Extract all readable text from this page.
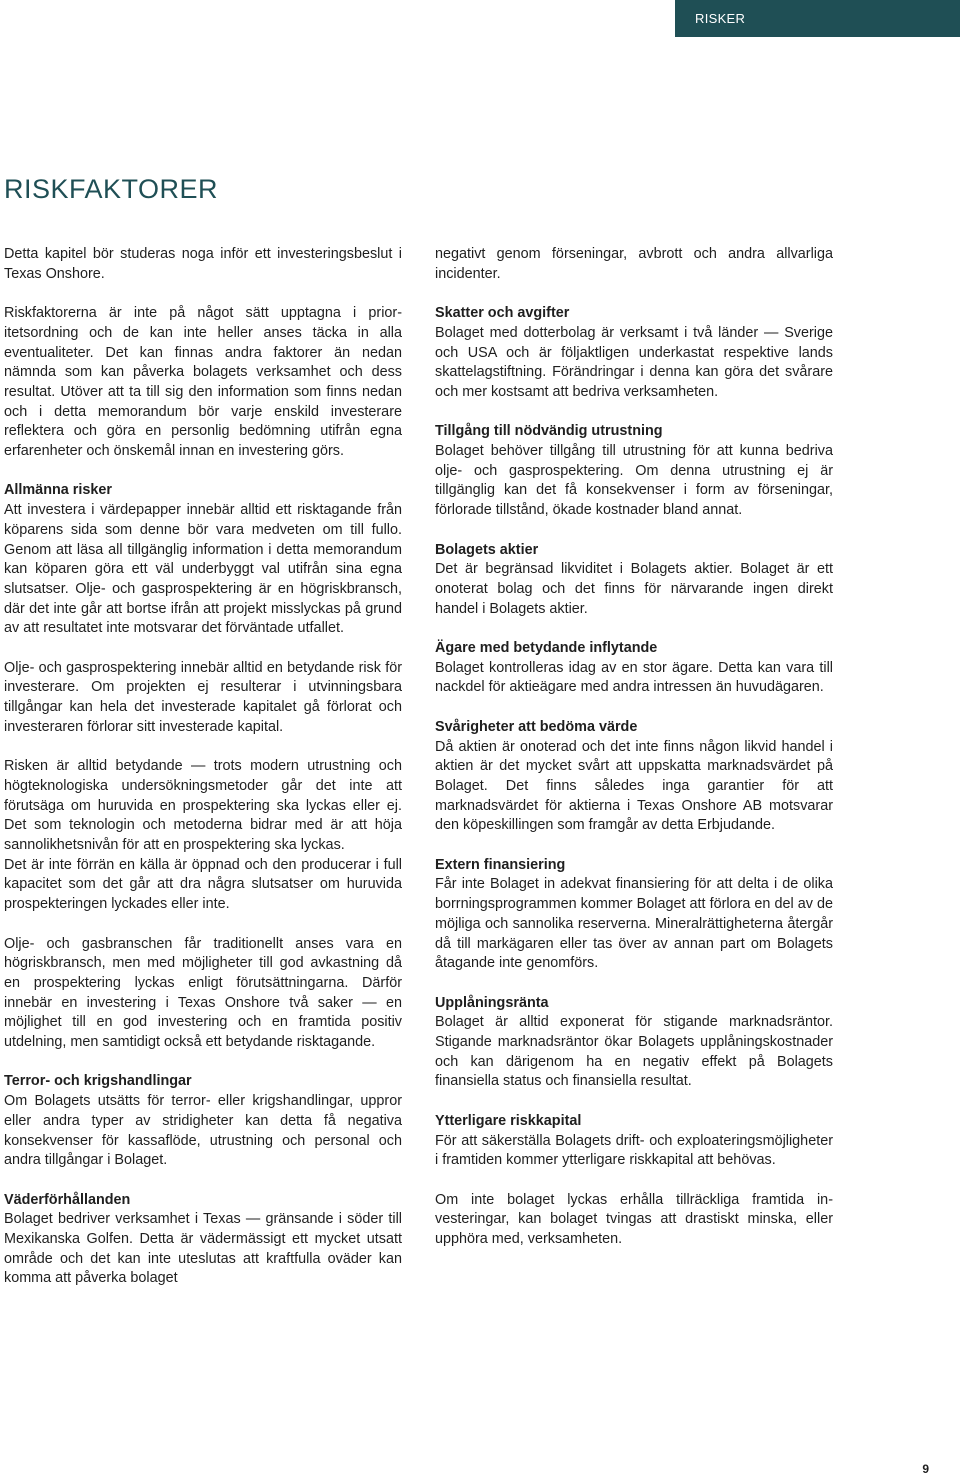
RISKER
RISKFAKTORER

Detta kapitel bör studeras noga inför ett investeringsbeslut i Texas Onshore.

Riskfaktorerna är inte på något sätt upptagna i prioritetsordning och de kan inte heller anses täcka in alla eventualiteter. Det kan finnas andra faktorer än nedan nämnda som kan påverka bolagets verksamhet och dess resultat. Utöver att ta till sig den information som finns nedan och i detta memorandum bör varje enskild investerare reflektera och göra en personlig bedömning utifrån egna erfarenheter och önskemål innan en investering görs.

Allmänna risker

Att investera i värdepapper innebär alltid ett risktagande från köparens sida som denne bör vara medveten om till fullo. Genom att läsa all tillgänglig information i detta memorandum kan köparen göra ett väl underbyggt val utifrån sina egna slutsatser. Olje- och gasprospektering är en högriskbransch, där det inte går att bortse ifrån att projekt misslyckas på grund av att resultatet inte motsvarar det förväntade utfallet.

Olje- och gasprospektering innebär alltid en betydande risk för investerare. Om projekten ej resulterar i utvinningsbara tillgångar kan hela det investerade kapitalet gå förlorat och investeraren förlorar sitt investerade kapital.

Risken är alltid betydande — trots modern utrustning och högteknologiska undersökningsmetoder går det inte att förutsäga om huruvida en prospektering ska lyckas eller ej. Det som teknologin och metoderna bidrar med är att höja sannolikhetsnivån för att en prospektering ska lyckas.

Det är inte förrän en källa är öppnad och den producerar i full kapacitet som det går att dra några slutsatser om huruvida prospekteringen lyckades eller inte.

Olje- och gasbranschen får traditionellt anses vara en högriskbransch, men med möjligheter till god avkastning då en prospektering lyckas enligt förutsättningarna. Därför innebär en investering i Texas Onshore två saker — en möjlighet till en god investering och en framtida positiv utdelning, men samtidigt också ett betydande risktagande.

Terror- och krigshandlingar

Om Bolagets utsätts för terror- eller krigshandlingar, uppror eller andra typer av stridigheter kan detta få negativa konsekvenser för kassaflöde, utrustning och personal och andra tillgångar i Bolaget.

Väderförhållanden

Bolaget bedriver verksamhet i Texas — gränsande i söder till Mexikanska Golfen. Detta är vädermässigt ett mycket utsatt område och det kan inte uteslutas att kraftfulla oväder kan komma att påverka bolaget

negativt genom förseningar, avbrott och andra allvarliga incidenter.

Skatter och avgifter

Bolaget med dotterbolag är verksamt i två länder — Sverige och USA och är följaktligen underkastat respektive lands skattelagstiftning. Förändringar i denna kan göra det svårare och mer kostsamt att bedriva verksamheten.

Tillgång till nödvändig utrustning

Bolaget behöver tillgång till utrustning för att kunna bedriva olje- och gasprospektering. Om denna utrustning ej är tillgänglig kan det få konsekvenser i form av förseningar, förlorade tillstånd, ökade kostnader bland annat.

Bolagets aktier

Det är begränsad likviditet i Bolagets aktier. Bolaget är ett onoterat bolag och det finns för närvarande ingen direkt handel i Bolagets aktier.

Ägare med betydande inflytande

Bolaget kontrolleras idag av en stor ägare. Detta kan vara till nackdel för aktieägare med andra intressen än huvudägaren.

Svårigheter att bedöma värde

Då aktien är onoterad och det inte finns någon likvid handel i aktien är det mycket svårt att uppskatta marknadsvärdet på Bolaget. Det finns således inga garantier för att marknadsvärdet för aktierna i Texas Onshore AB motsvarar den köpeskillingen som framgår av detta Erbjudande.

Extern finansiering

Får inte Bolaget in adekvat finansiering för att delta i de olika borrningsprogrammen kommer Bolaget att förlora en del av de möjliga och sannolika reserverna. Mineralrättigheterna återgår då till markägaren eller tas över av annan part om Bolagets åtagande inte genomförs.

Upplåningsränta

Bolaget är alltid exponerat för stigande marknadsräntor. Stigande marknadsräntor ökar Bolagets upplåningskostnader och kan därigenom ha en negativ effekt på Bolagets finansiella status och finansiella resultat.

Ytterligare riskkapital

För att säkerställa Bolagets drift- och exploateringsmöjligheter i framtiden kommer ytterligare riskkapital att behövas.

Om inte bolaget lyckas erhålla tillräckliga framtida investeringar, kan bolaget tvingas att drastiskt minska, eller upphöra med, verksamheten.

9
